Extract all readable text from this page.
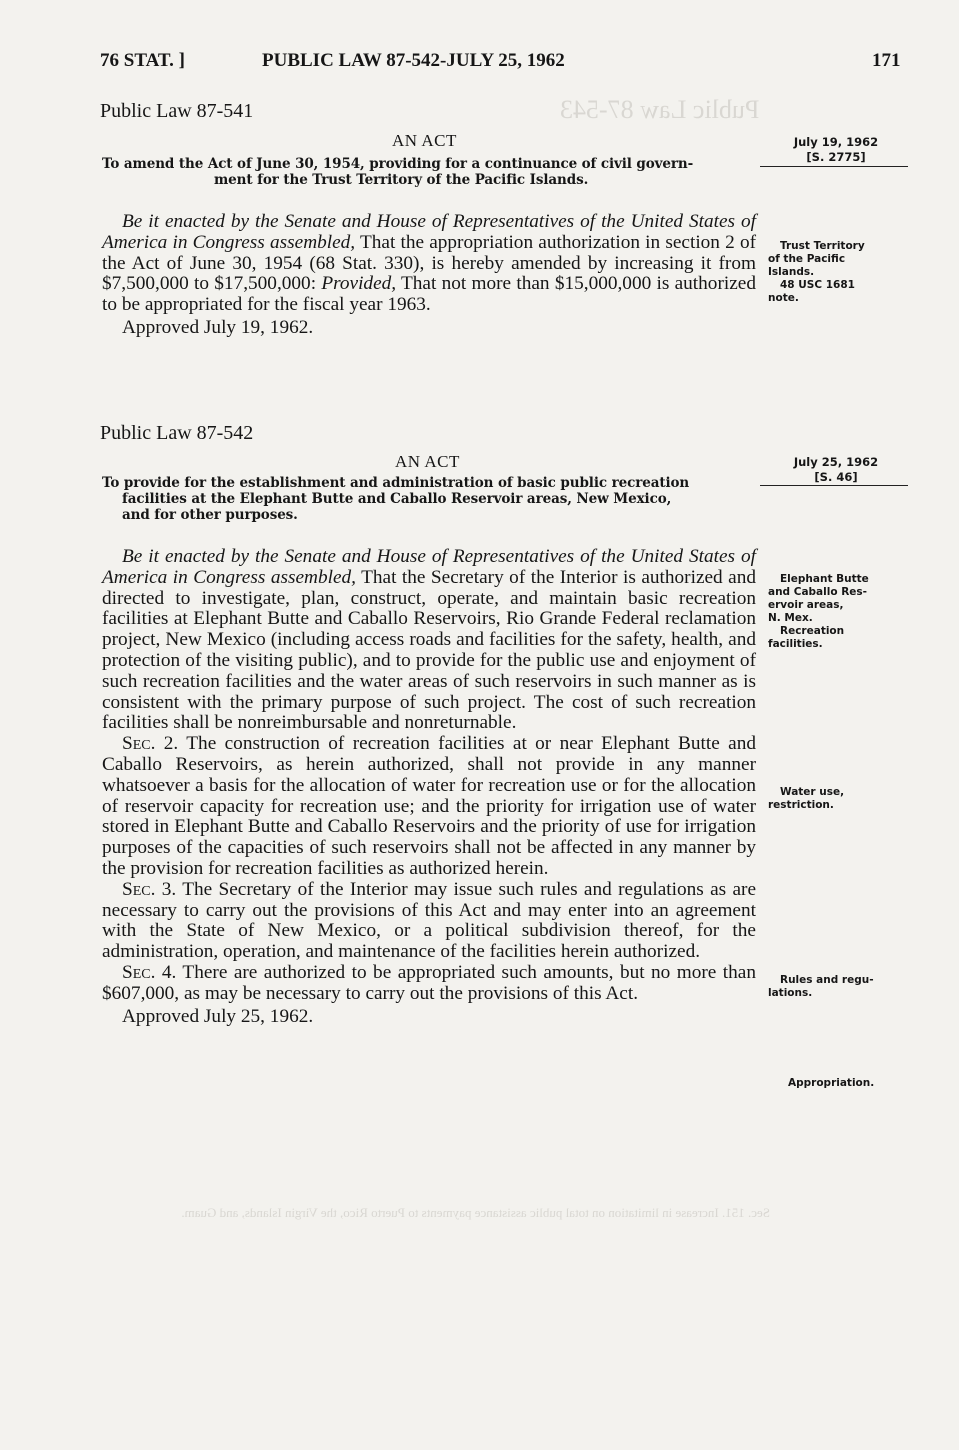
Public Law 87-543
Sec. 151. Increase in limitation on total public assistance payments to Puerto Rico, the Virgin Islands, and Guam.
76 STAT. ]	PUBLIC LAW 87-542-JULY 25, 1962	171
Public Law 87-541
AN ACT	July 19, 1962
[S. 2775]
To amend the Act of June 30, 1954, providing for a continuance of civil govern-
ment for the Trust Territory of the Pacific Islands.

Be it enacted by the Senate and House of Representatives of the United States of America in Congress assembled, That the appropriation authorization in section 2 of the Act of June 30, 1954 (68 Stat. 330), is hereby amended by increasing it from $7,500,000 to $17,500,000: Provided, That not more than $15,000,000 is authorized to be appropriated for the fiscal year 1963.

Approved July 19, 1962.

Trust Territory
of the Pacific
Islands.
48 USC 1681
note.
Public Law 87-542
AN ACT	July 25, 1962
[S. 46]
To provide for the establishment and administration of basic public recreation
facilities at the Elephant Butte and Caballo Reservoir areas, New Mexico,
and for other purposes.

Be it enacted by the Senate and House of Representatives of the United States of America in Congress assembled, That the Secretary of the Interior is authorized and directed to investigate, plan, construct, operate, and maintain basic recreation facilities at Elephant Butte and Caballo Reservoirs, Rio Grande Federal reclamation project, New Mexico (including access roads and facilities for the safety, health, and protection of the visiting public), and to provide for the public use and enjoyment of such recreation facilities and the water areas of such reservoirs in such manner as is consistent with the primary purpose of such project. The cost of such recreation facilities shall be nonreimbursable and nonreturnable.

Sec. 2. The construction of recreation facilities at or near Elephant Butte and Caballo Reservoirs, as herein authorized, shall not provide in any manner whatsoever a basis for the allocation of water for recreation use or for the allocation of reservoir capacity for recreation use; and the priority for irrigation use of water stored in Elephant Butte and Caballo Reservoirs and the priority of use for irrigation purposes of the capacities of such reservoirs shall not be affected in any manner by the provision for recreation facilities as authorized herein.

Sec. 3. The Secretary of the Interior may issue such rules and regulations as are necessary to carry out the provisions of this Act and may enter into an agreement with the State of New Mexico, or a political subdivision thereof, for the administration, operation, and maintenance of the facilities herein authorized.

Sec. 4. There are authorized to be appropriated such amounts, but no more than $607,000, as may be necessary to carry out the provisions of this Act.

Approved July 25, 1962.

Elephant Butte
and Caballo Res-
ervoir areas,
N. Mex.
Recreation
facilities.
Water use,
restriction.
Rules and regu-
lations.
Appropriation.
